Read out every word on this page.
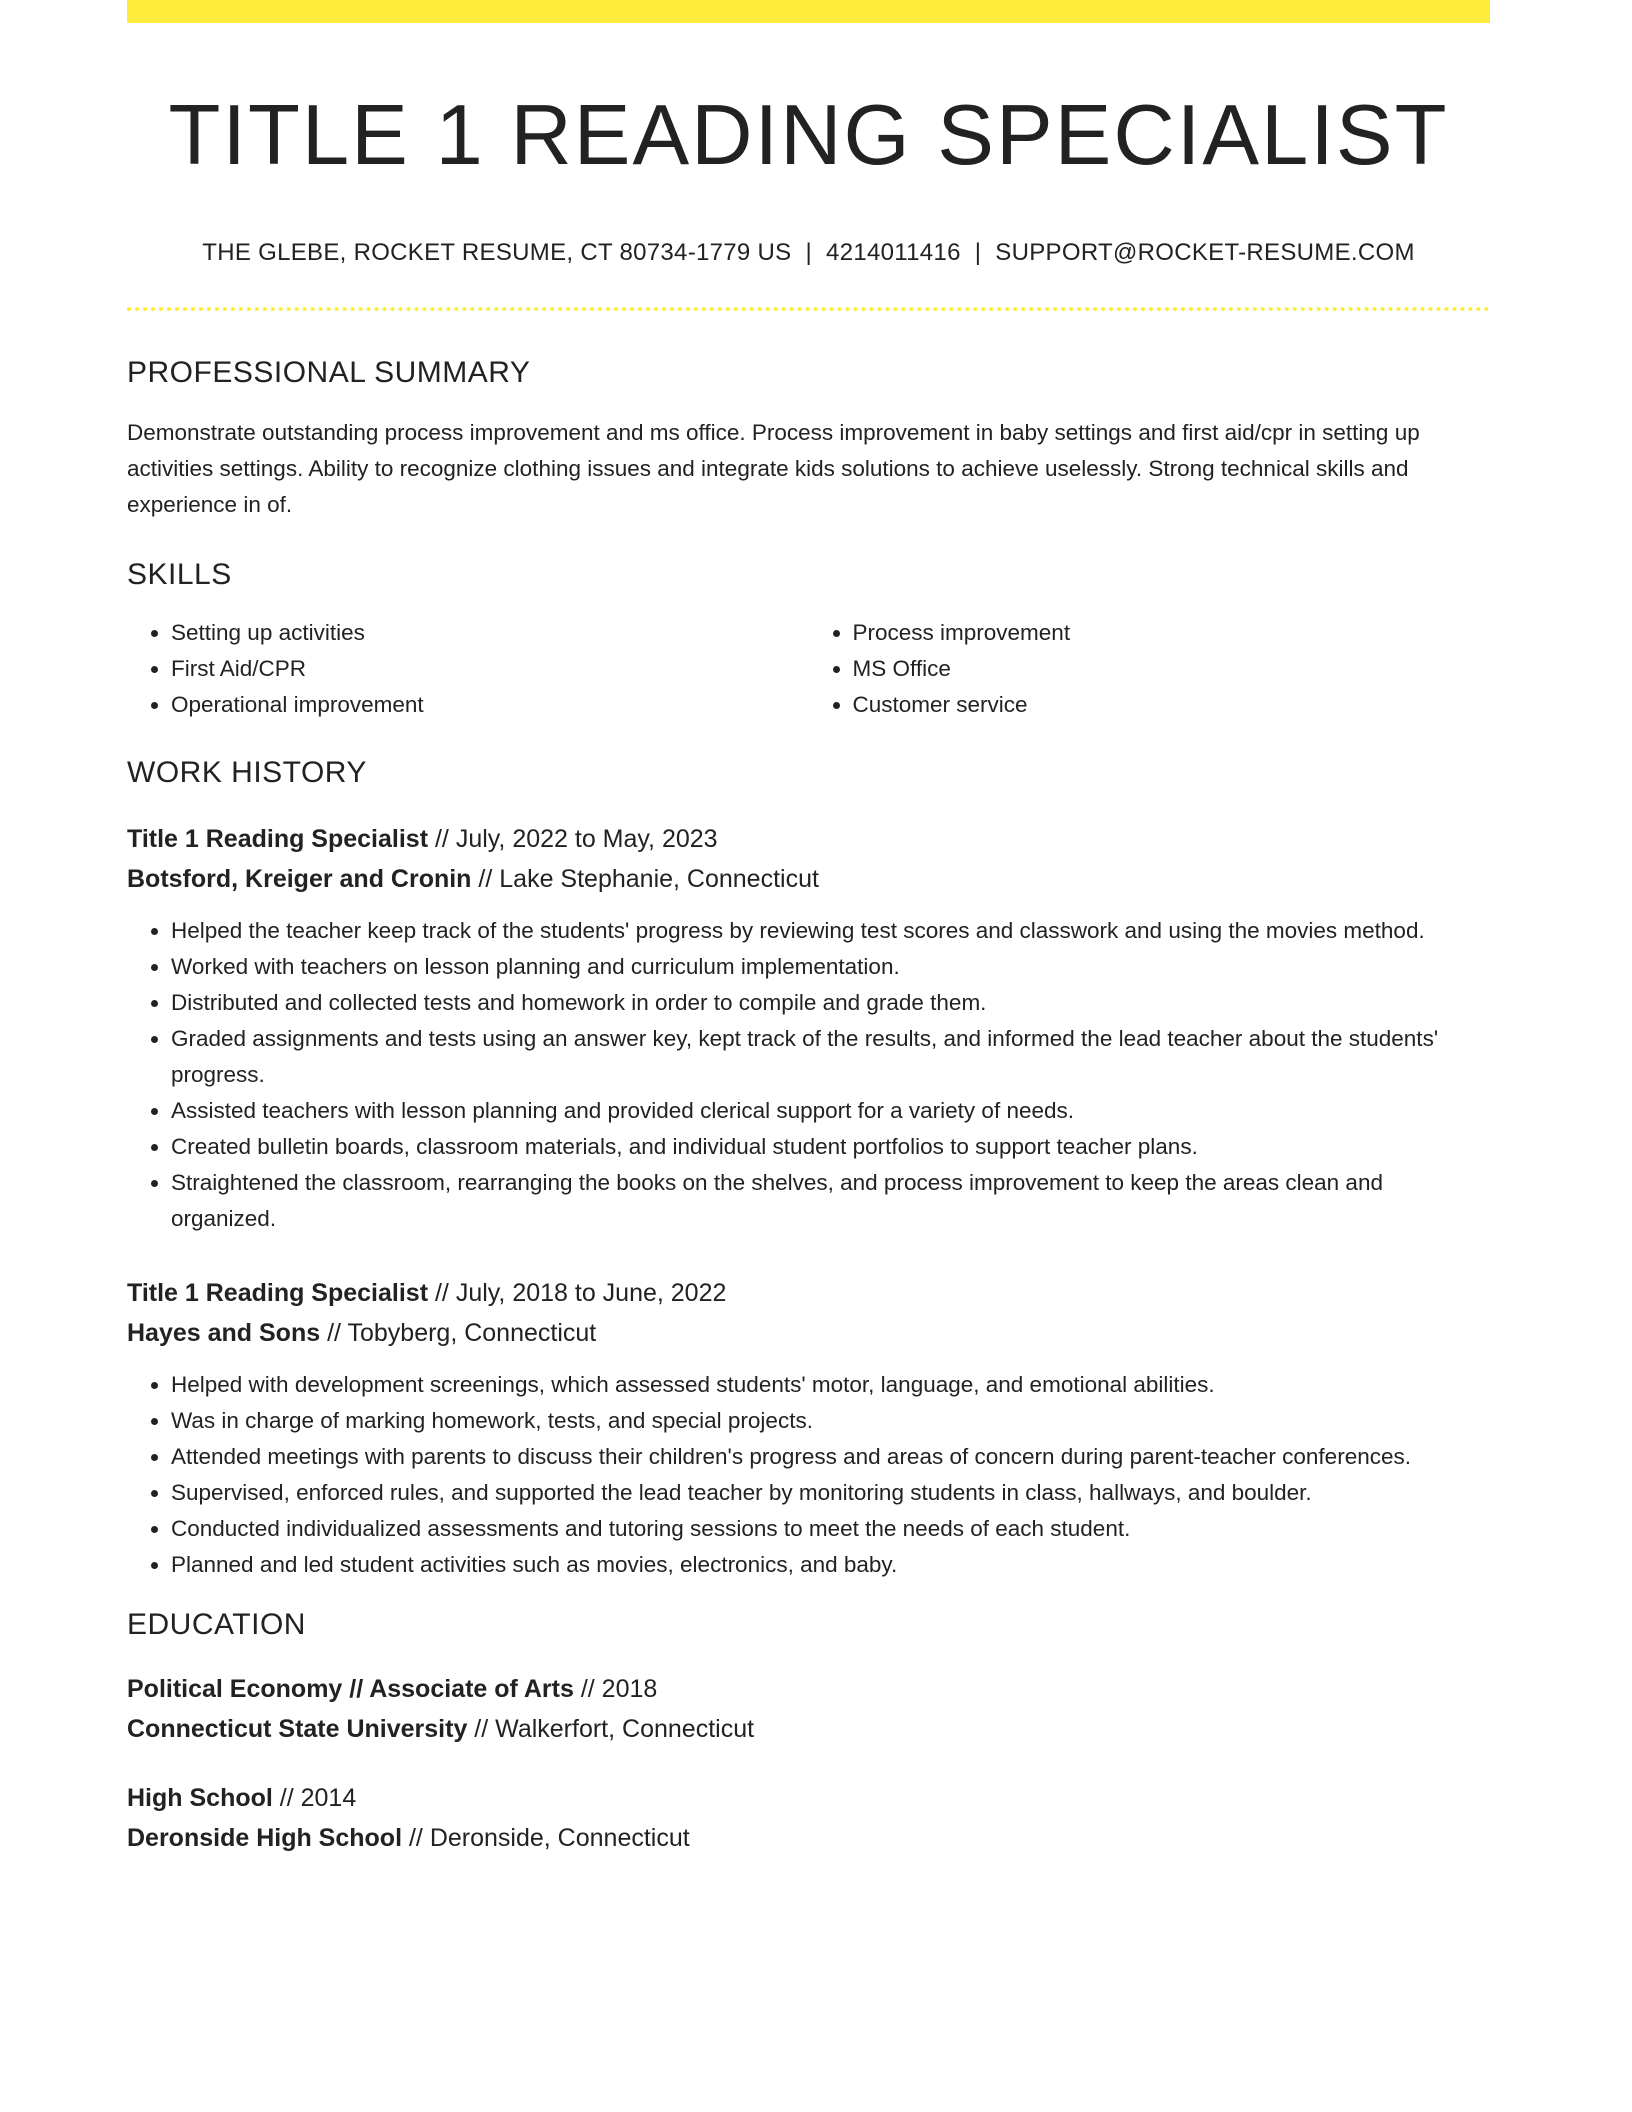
TITLE 1 READING SPECIALIST
THE GLEBE, ROCKET RESUME, CT 80734-1779 US | 4214011416 | SUPPORT@ROCKET-RESUME.COM
PROFESSIONAL SUMMARY
Demonstrate outstanding process improvement and ms office. Process improvement in baby settings and first aid/cpr in setting up activities settings. Ability to recognize clothing issues and integrate kids solutions to achieve uselessly. Strong technical skills and experience in of.
SKILLS
• Setting up activities
• First Aid/CPR
• Operational improvement
• Process improvement
• MS Office
• Customer service
WORK HISTORY
Title 1 Reading Specialist // July, 2022 to May, 2023
Botsford, Kreiger and Cronin // Lake Stephanie, Connecticut
• Helped the teacher keep track of the students' progress by reviewing test scores and classwork and using the movies method.
• Worked with teachers on lesson planning and curriculum implementation.
• Distributed and collected tests and homework in order to compile and grade them.
• Graded assignments and tests using an answer key, kept track of the results, and informed the lead teacher about the students' progress.
• Assisted teachers with lesson planning and provided clerical support for a variety of needs.
• Created bulletin boards, classroom materials, and individual student portfolios to support teacher plans.
• Straightened the classroom, rearranging the books on the shelves, and process improvement to keep the areas clean and organized.
Title 1 Reading Specialist // July, 2018 to June, 2022
Hayes and Sons // Tobyberg, Connecticut
• Helped with development screenings, which assessed students' motor, language, and emotional abilities.
• Was in charge of marking homework, tests, and special projects.
• Attended meetings with parents to discuss their children's progress and areas of concern during parent-teacher conferences.
• Supervised, enforced rules, and supported the lead teacher by monitoring students in class, hallways, and boulder.
• Conducted individualized assessments and tutoring sessions to meet the needs of each student.
• Planned and led student activities such as movies, electronics, and baby.
EDUCATION
Political Economy // Associate of Arts // 2018
Connecticut State University // Walkerfort, Connecticut
High School // 2014
Deronside High School // Deronside, Connecticut
